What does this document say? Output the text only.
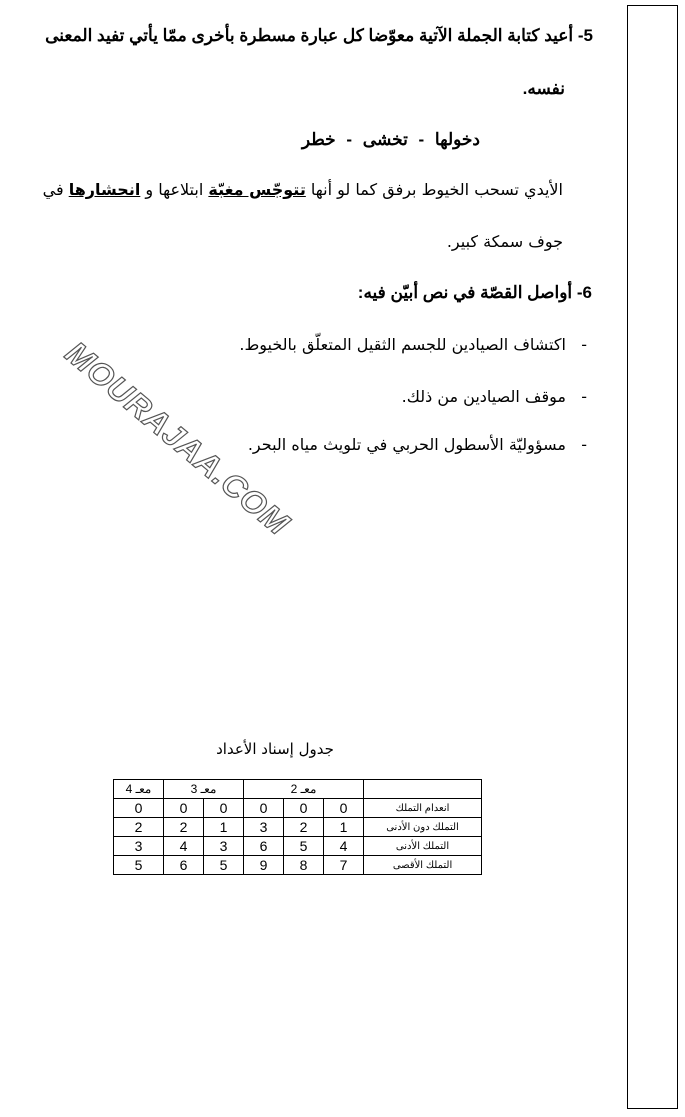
5- أعيد كتابة الجملة الآتية معوّضا كل عبارة مسطرة بأخرى ممّا يأتي تفيد المعنى
نفسه.
دخولها - تخشى - خطر
الأيدي تسحب الخيوط برفق كما لو أنها تتوجّس مغبّة ابتلاعها و انحشارها في
جوف سمكة كبير.
6- أواصل القصّة في نص أبيّن فيه:
-   اكتشاف الصيادين للجسم الثقيل المتعلّق بالخيوط.
-   موقف الصيادين من ذلك.
-   مسؤوليّة الأسطول الحربي في تلويث مياه البحر.
MOURAJAA.COM
جدول إسناد الأعداد
	معـ 2			معـ 3		معـ 4
انعدام التملك	0	0	0	0	0	0
التملك دون الأدنى	1	2	3	1	2	2
التملك الأدنى	4	5	6	3	4	3
التملك الأقصى	7	8	9	5	6	5
